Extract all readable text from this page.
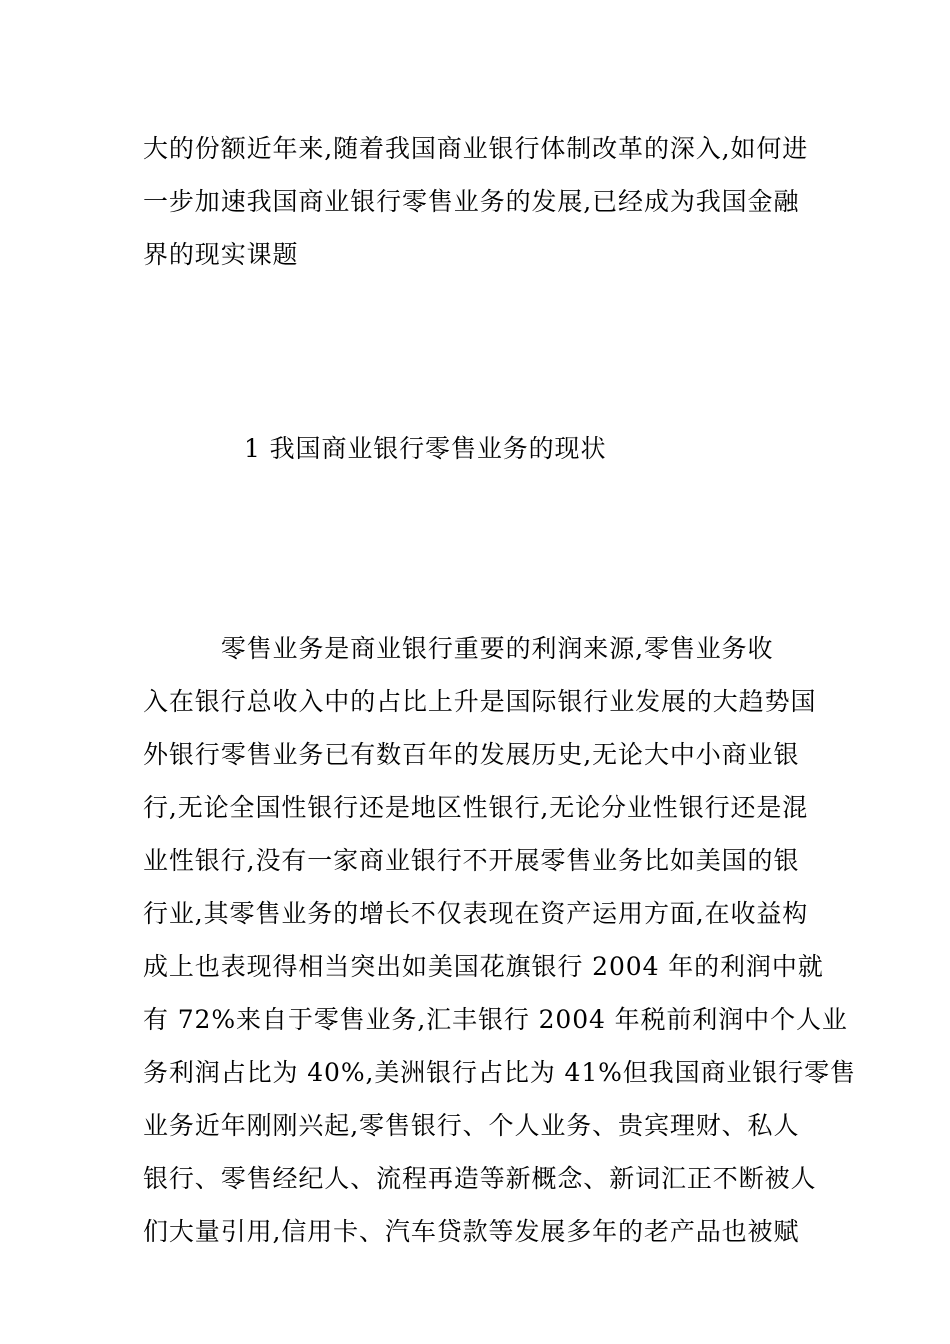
大的份额近年来,随着我国商业银行体制改革的深入,如何进
一步加速我国商业银行零售业务的发展,已经成为我国金融
界的现实课题
1 我国商业银行零售业务的现状
　　　零售业务是商业银行重要的利润来源,零售业务收
入在银行总收入中的占比上升是国际银行业发展的大趋势国
外银行零售业务已有数百年的发展历史,无论大中小商业银
行,无论全国性银行还是地区性银行,无论分业性银行还是混
业性银行,没有一家商业银行不开展零售业务比如美国的银
行业,其零售业务的增长不仅表现在资产运用方面,在收益构
成上也表现得相当突出如美国花旗银行 2004 年的利润中就
有 72%来自于零售业务,汇丰银行 2004 年税前利润中个人业
务利润占比为 40%,美洲银行占比为 41%但我国商业银行零售
业务近年刚刚兴起,零售银行、个人业务、贵宾理财、私人
银行、零售经纪人、流程再造等新概念、新词汇正不断被人
们大量引用,信用卡、汽车贷款等发展多年的老产品也被赋
